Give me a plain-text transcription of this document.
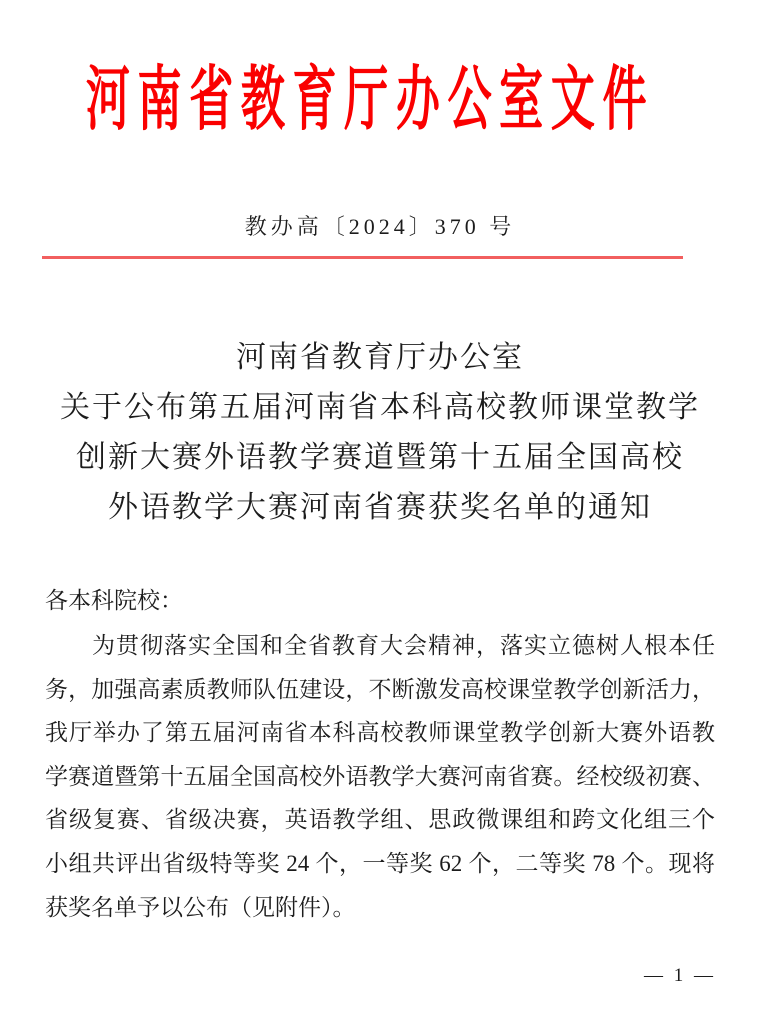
河南省教育厅办公室文件
教办高〔2024〕370 号
河南省教育厅办公室
关于公布第五届河南省本科高校教师课堂教学
创新大赛外语教学赛道暨第十五届全国高校
外语教学大赛河南省赛获奖名单的通知
各本科院校：
为贯彻落实全国和全省教育大会精神，落实立德树人根本任
务，加强高素质教师队伍建设，不断激发高校课堂教学创新活力，
我厅举办了第五届河南省本科高校教师课堂教学创新大赛外语教
学赛道暨第十五届全国高校外语教学大赛河南省赛。经校级初赛、
省级复赛、省级决赛，英语教学组、思政微课组和跨文化组三个
小组共评出省级特等奖 24 个，一等奖 62 个，二等奖 78 个。现将
获奖名单予以公布（见附件）。
— 1 —
